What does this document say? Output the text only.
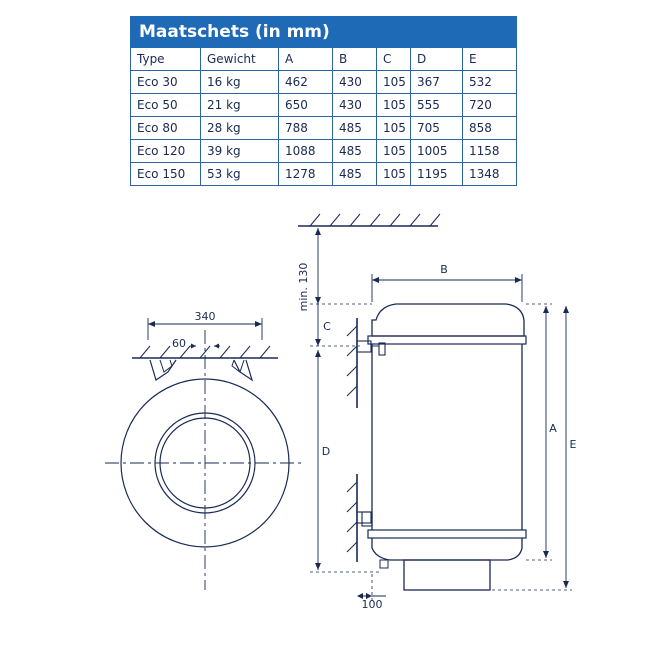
Maatschets (in mm)						
Type	Gewicht	A	B	C	D	E
Eco 30	16 kg	462	430	105	367	532
Eco 50	21 kg	650	430	105	555	720
Eco 80	28 kg	788	485	105	705	858
Eco 120	39 kg	1088	485	105	1005	1158
Eco 150	53 kg	1278	485	105	1195	1348
340
60
min. 130	B
C
D
A
E
100
